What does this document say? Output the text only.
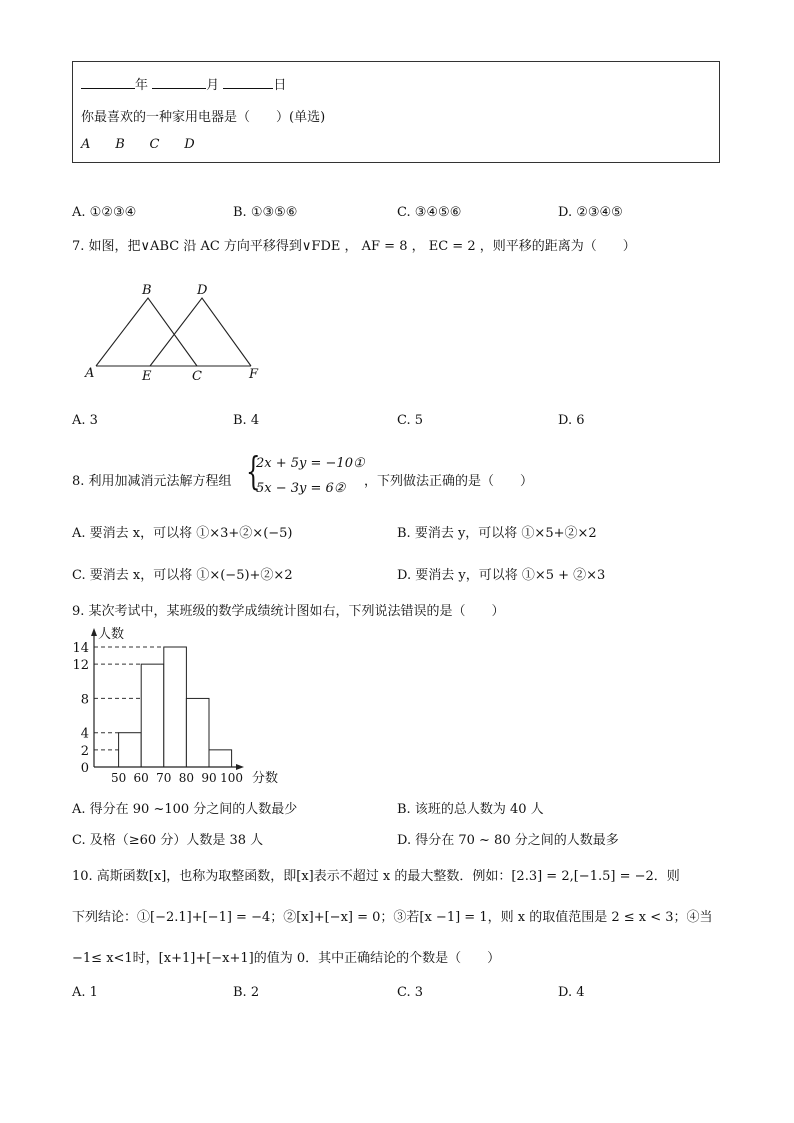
年	月	日
你最喜欢的一种家用电器是（　　）(单选)
A B C D
A. ①②③④	B. ①③⑤⑥	C. ③④⑤⑥	D. ②③④⑤
7. 如图，把∨ABC 沿 AC 方向平移得到∨FDE ， AF = 8 ， EC = 2 ，则平移的距离为（　　）
B	D
A	E	C	F
A. 3	B. 4	C. 5	D. 6
8. 利用加减消元法解方程组 {
2x + 5y = −10①
5x − 3y = 6② ，下列做法正确的是（　　）
A. 要消去 x，可以将 ①×3+②×(−5)	B. 要消去 y，可以将 ①×5+②×2
C. 要消去 x，可以将 ①×(−5)+②×2	D. 要消去 y，可以将 ①×5 + ②×3
9. 某次考试中，某班级的数学成绩统计图如右，下列说法错误的是（　　）
0
2
4
8
12
14
50 60 70 80 90 100
人数
分数
A. 得分在 90 ~100 分之间的人数最少	B. 该班的总人数为 40 人
C. 及格（≥60 分）人数是 38 人	D. 得分在 70 ~ 80 分之间的人数最多
10. 高斯函数[x]，也称为取整函数，即[x]表示不超过 x 的最大整数．例如：[2.3] = 2,[−1.5] = −2．则
下列结论：①[−2.1]+[−1] = −4；②[x]+[−x] = 0；③若[x −1] = 1，则 x 的取值范围是 2 ≤ x < 3；④当
−1≤ x<1时，[x+1]+[−x+1]的值为 0．其中正确结论的个数是（　　）
A. 1	B. 2	C. 3	D. 4
